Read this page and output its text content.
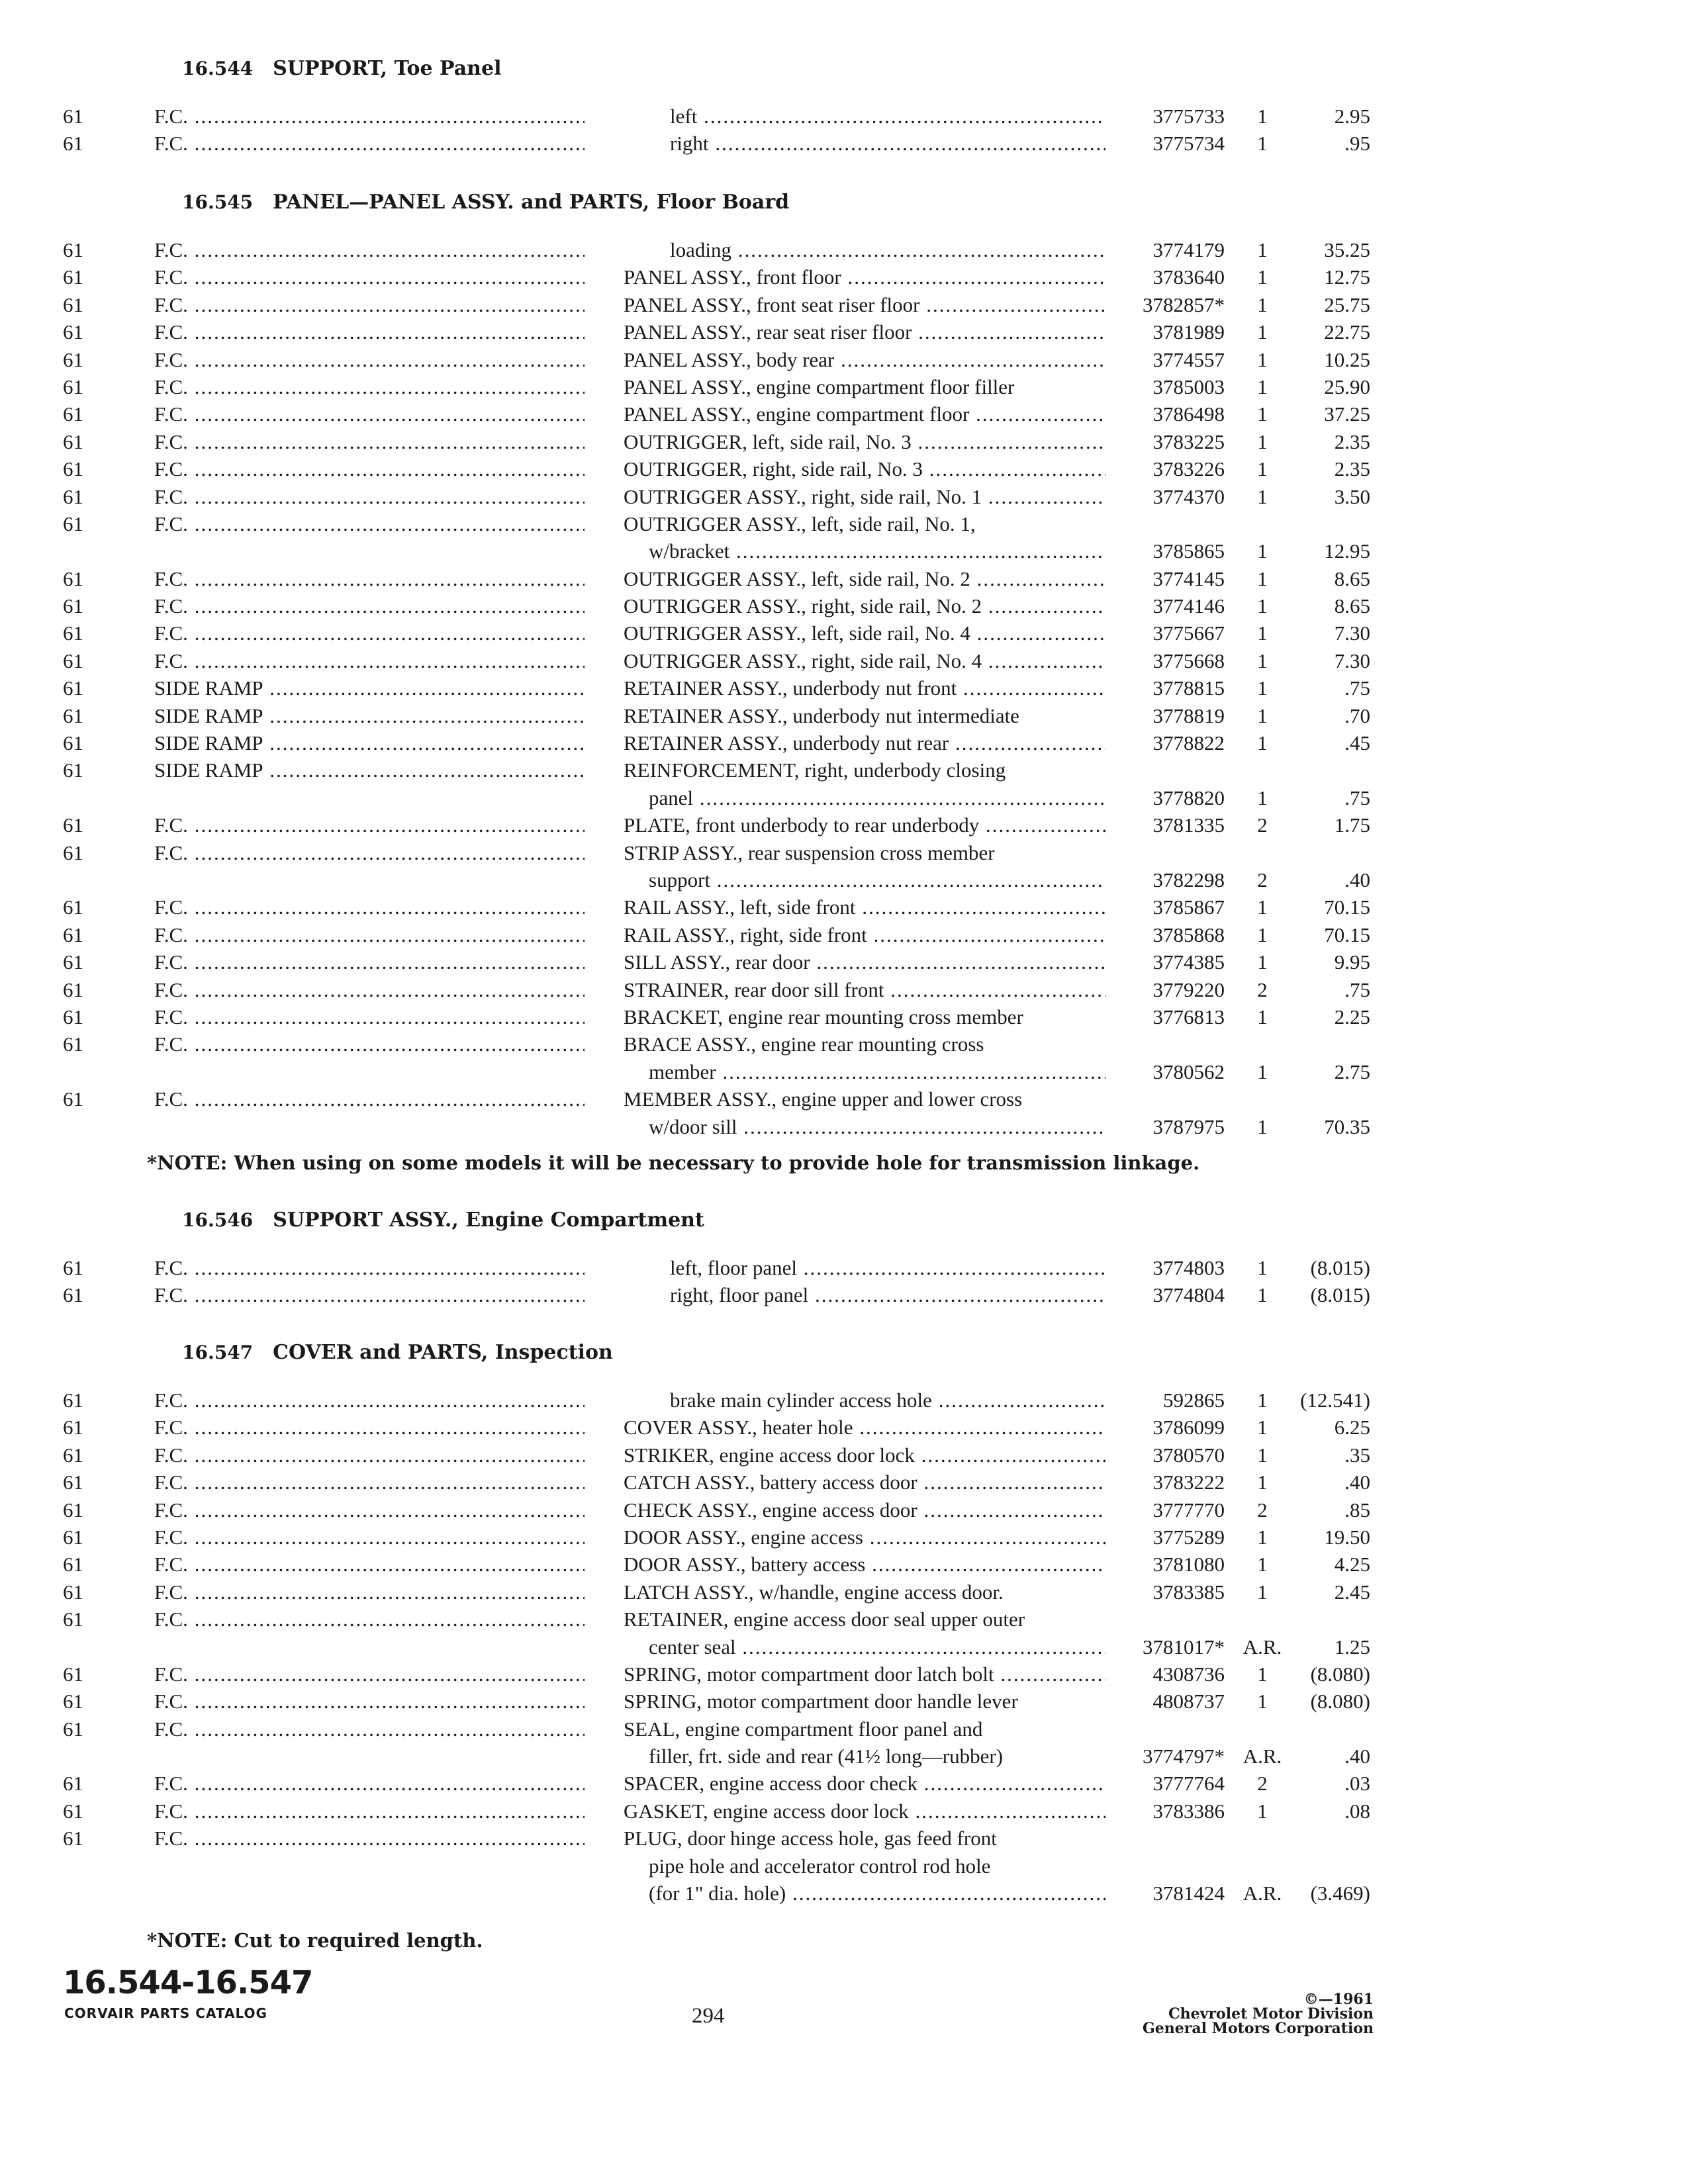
16.544 SUPPORT, Toe Panel
61	F.C. .....	left .....	3775733	1	2.95
61	F.C. .....	right .....	3775734	1	.95
16.545 PANEL—PANEL ASSY. and PARTS, Floor Board
61	F.C. .....	loading .....	3774179	1	35.25
61	F.C. .....	PANEL ASSY., front floor .....	3783640	1	12.75
61	F.C. .....	PANEL ASSY., front seat riser floor .....	3782857*	1	25.75
61	F.C. .....	PANEL ASSY., rear seat riser floor .....	3781989	1	22.75
61	F.C. .....	PANEL ASSY., body rear .....	3774557	1	10.25
61	F.C. .....	PANEL ASSY., engine compartment floor filler	3785003	1	25.90
61	F.C. .....	PANEL ASSY., engine compartment floor .....	3786498	1	37.25
61	F.C. .....	OUTRIGGER, left, side rail, No. 3 .....	3783225	1	2.35
61	F.C. .....	OUTRIGGER, right, side rail, No. 3 .....	3783226	1	2.35
61	F.C. .....	OUTRIGGER ASSY., right, side rail, No. 1 .....	3774370	1	3.50
61	F.C. .....	OUTRIGGER ASSY., left, side rail, No. 1,
w/bracket .....	3785865	1	12.95
61	F.C. .....	OUTRIGGER ASSY., left, side rail, No. 2 .....	3774145	1	8.65
61	F.C. .....	OUTRIGGER ASSY., right, side rail, No. 2 .....	3774146	1	8.65
61	F.C. .....	OUTRIGGER ASSY., left, side rail, No. 4 .....	3775667	1	7.30
61	F.C. .....	OUTRIGGER ASSY., right, side rail, No. 4 .....	3775668	1	7.30
61	SIDE RAMP .....	RETAINER ASSY., underbody nut front .....	3778815	1	.75
61	SIDE RAMP .....	RETAINER ASSY., underbody nut intermediate	3778819	1	.70
61	SIDE RAMP .....	RETAINER ASSY., underbody nut rear .....	3778822	1	.45
61	SIDE RAMP .....	REINFORCEMENT, right, underbody closing
panel .....	3778820	1	.75
61	F.C. .....	PLATE, front underbody to rear underbody .....	3781335	2	1.75
61	F.C. .....	STRIP ASSY., rear suspension cross member
support .....	3782298	2	.40
61	F.C. .....	RAIL ASSY., left, side front .....	3785867	1	70.15
61	F.C. .....	RAIL ASSY., right, side front .....	3785868	1	70.15
61	F.C. .....	SILL ASSY., rear door .....	3774385	1	9.95
61	F.C. .....	STRAINER, rear door sill front .....	3779220	2	.75
61	F.C. .....	BRACKET, engine rear mounting cross member	3776813	1	2.25
61	F.C. .....	BRACE ASSY., engine rear mounting cross
member .....	3780562	1	2.75
61	F.C. .....	MEMBER ASSY., engine upper and lower cross
w/door sill .....	3787975	1	70.35
*NOTE: When using on some models it will be necessary to provide hole for transmission linkage.
16.546 SUPPORT ASSY., Engine Compartment
61	F.C. .....	left, floor panel .....	3774803	1	(8.015)
61	F.C. .....	right, floor panel .....	3774804	1	(8.015)
16.547 COVER and PARTS, Inspection
61	F.C. .....	brake main cylinder access hole .....	592865	1	(12.541)
61	F.C. .....	COVER ASSY., heater hole .....	3786099	1	6.25
61	F.C. .....	STRIKER, engine access door lock .....	3780570	1	.35
61	F.C. .....	CATCH ASSY., battery access door .....	3783222	1	.40
61	F.C. .....	CHECK ASSY., engine access door .....	3777770	2	.85
61	F.C. .....	DOOR ASSY., engine access .....	3775289	1	19.50
61	F.C. .....	DOOR ASSY., battery access .....	3781080	1	4.25
61	F.C. .....	LATCH ASSY., w/handle, engine access door.	3783385	1	2.45
61	F.C. .....	RETAINER, engine access door seal upper outer
center seal .....	3781017* A.R.	1.25
61	F.C. .....	SPRING, motor compartment door latch bolt .....	4308736	1	(8.080)
61	F.C. .....	SPRING, motor compartment door handle lever	4808737	1	(8.080)
61	F.C. .....	SEAL, engine compartment floor panel and
filler, frt. side and rear (41½ long—rubber)	3774797* A.R.	.40
61	F.C. .....	SPACER, engine access door check .....	3777764	2	.03
61	F.C. .....	GASKET, engine access door lock .....	3783386	1	.08
61	F.C. .....	PLUG, door hinge access hole, gas feed front
pipe hole and accelerator control rod hole
(for 1" dia. hole) .....	3781424 A.R.	(3.469)
*NOTE: Cut to required length.
16.544-16.547
CORVAIR PARTS CATALOG	294
©—1961
Chevrolet Motor Division
General Motors Corporation
